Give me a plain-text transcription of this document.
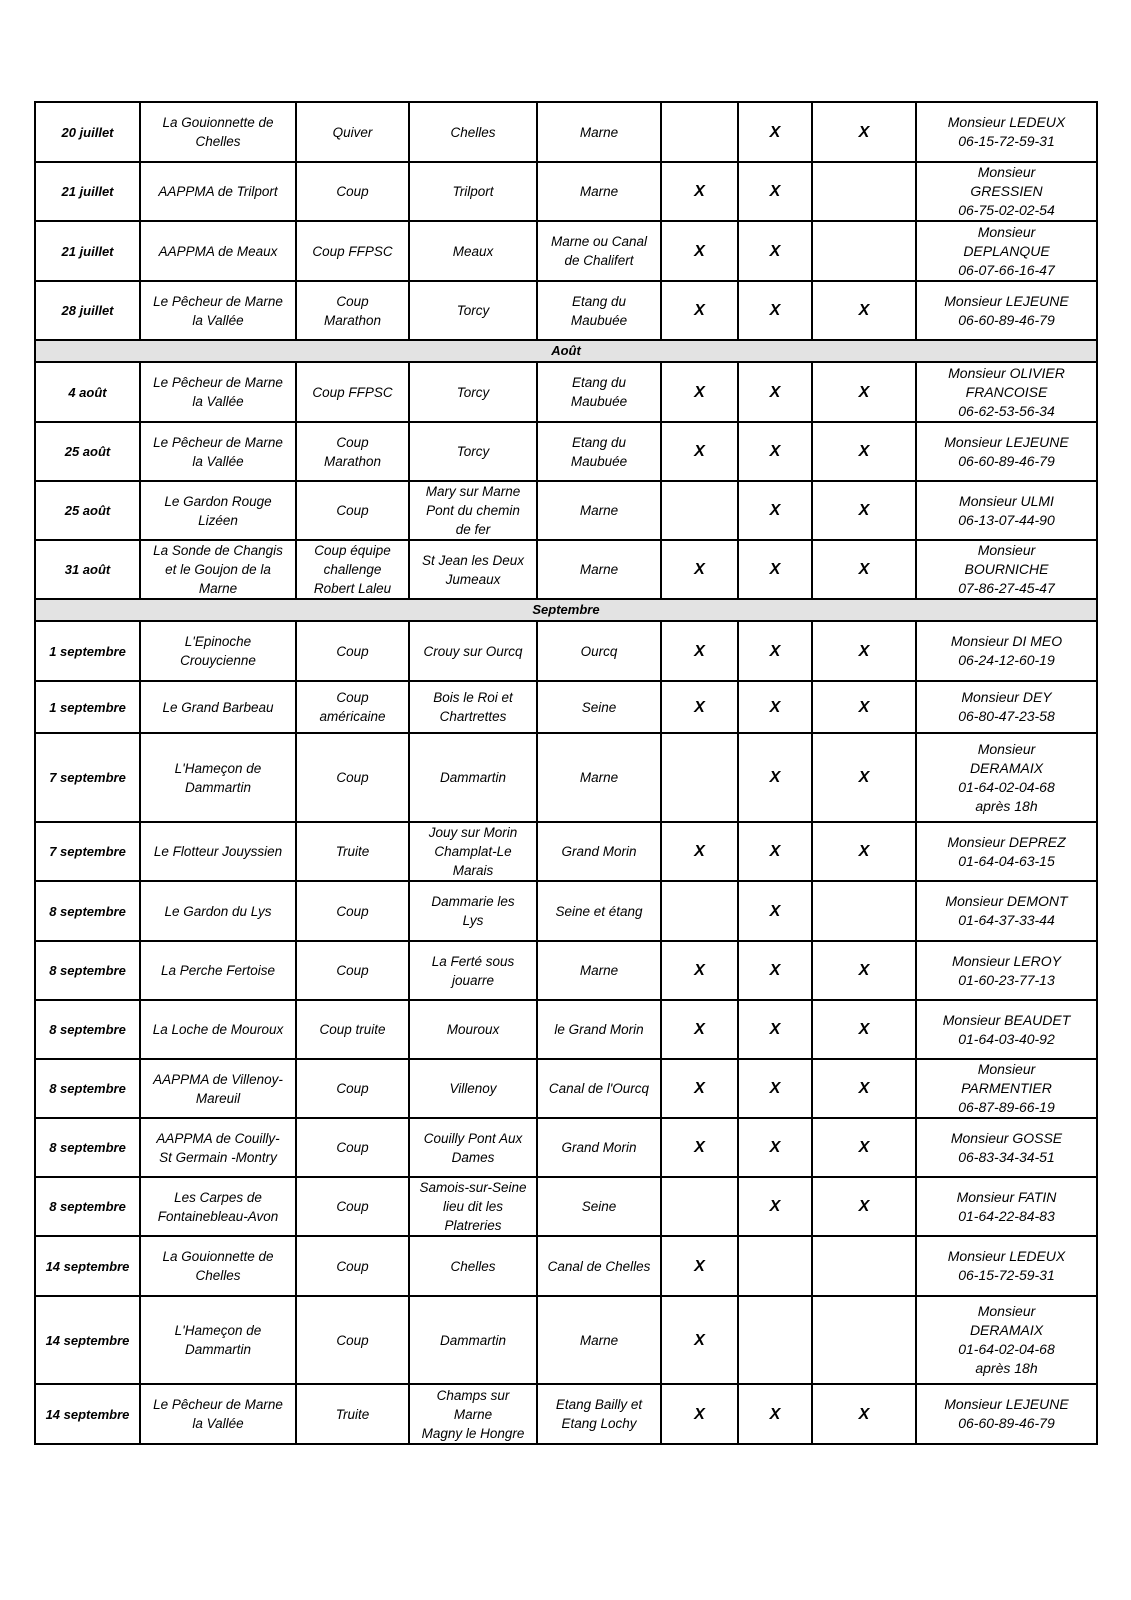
20 juillet	La Gouionnette de
Chelles	Quiver	Chelles	Marne		X	X	Monsieur LEDEUX
06-15-72-59-31

21 juillet	AAPPMA de Trilport	Coup	Trilport	Marne	X	X		Monsieur
GRESSIEN
06-75-02-02-54

21 juillet	AAPPMA de Meaux	Coup FFPSC	Meaux	Marne ou Canal
de Chalifert	X	X		Monsieur
DEPLANQUE
06-07-66-16-47

28 juillet	Le Pêcheur de Marne
la Vallée	Coup
Marathon	Torcy	Etang du
Maubuée	X	X	X	Monsieur LEJEUNE
06-60-89-46-79

Août								
4 août	Le Pêcheur de Marne
la Vallée	Coup FFPSC	Torcy	Etang du
Maubuée	X	X	X	Monsieur OLIVIER
FRANCOISE
06-62-53-56-34

25 août	Le Pêcheur de Marne
la Vallée	Coup
Marathon	Torcy	Etang du
Maubuée	X	X	X	Monsieur LEJEUNE
06-60-89-46-79

25 août	Le Gardon Rouge
Lizéen	Coup	Mary sur Marne
Pont du chemin
de fer	Marne		X	X	Monsieur ULMI
06-13-07-44-90

31 août	La Sonde de Changis
et le Goujon de la
Marne	Coup équipe
challenge
Robert Laleu	St Jean les Deux
Jumeaux	Marne	X	X	X	Monsieur
BOURNICHE
07-86-27-45-47

Septembre								
1 septembre	L'Epinoche
Crouycienne	Coup	Crouy sur Ourcq	Ourcq	X	X	X	Monsieur DI MEO
06-24-12-60-19

1 septembre	Le Grand Barbeau	Coup
américaine	Bois le Roi et
Chartrettes	Seine	X	X	X	Monsieur DEY
06-80-47-23-58

7 septembre	L'Hameçon de
Dammartin	Coup	Dammartin	Marne		X	X	Monsieur
DERAMAIX
01-64-02-04-68
après 18h

7 septembre	Le Flotteur Jouyssien	Truite	Jouy sur Morin
Champlat-Le
Marais	Grand Morin	X	X	X	Monsieur DEPREZ
01-64-04-63-15

8 septembre	Le Gardon du Lys	Coup	Dammarie les
Lys	Seine et étang		X		Monsieur DEMONT
01-64-37-33-44

8 septembre	La Perche Fertoise	Coup	La Ferté sous
jouarre	Marne	X	X	X	Monsieur LEROY
01-60-23-77-13

8 septembre	La Loche de Mouroux	Coup truite	Mouroux	le Grand Morin	X	X	X	Monsieur BEAUDET
01-64-03-40-92

8 septembre	AAPPMA de Villenoy-
Mareuil	Coup	Villenoy	Canal de l'Ourcq	X	X	X	Monsieur
PARMENTIER
06-87-89-66-19

8 septembre	AAPPMA de Couilly-
St Germain -Montry	Coup	Couilly Pont Aux
Dames	Grand Morin	X	X	X	Monsieur GOSSE
06-83-34-34-51

8 septembre	Les Carpes de
Fontainebleau-Avon	Coup	Samois-sur-Seine
lieu dit les
Platreries	Seine		X	X	Monsieur FATIN
01-64-22-84-83

14 septembre	La Gouionnette de
Chelles	Coup	Chelles	Canal de Chelles	X			Monsieur LEDEUX
06-15-72-59-31

14 septembre	L'Hameçon de
Dammartin	Coup	Dammartin	Marne	X			Monsieur
DERAMAIX
01-64-02-04-68
après 18h

14 septembre	Le Pêcheur de Marne
la Vallée	Truite	Champs sur
Marne
Magny le Hongre	Etang Bailly et
Etang Lochy	X	X	X	Monsieur LEJEUNE
06-60-89-46-79
